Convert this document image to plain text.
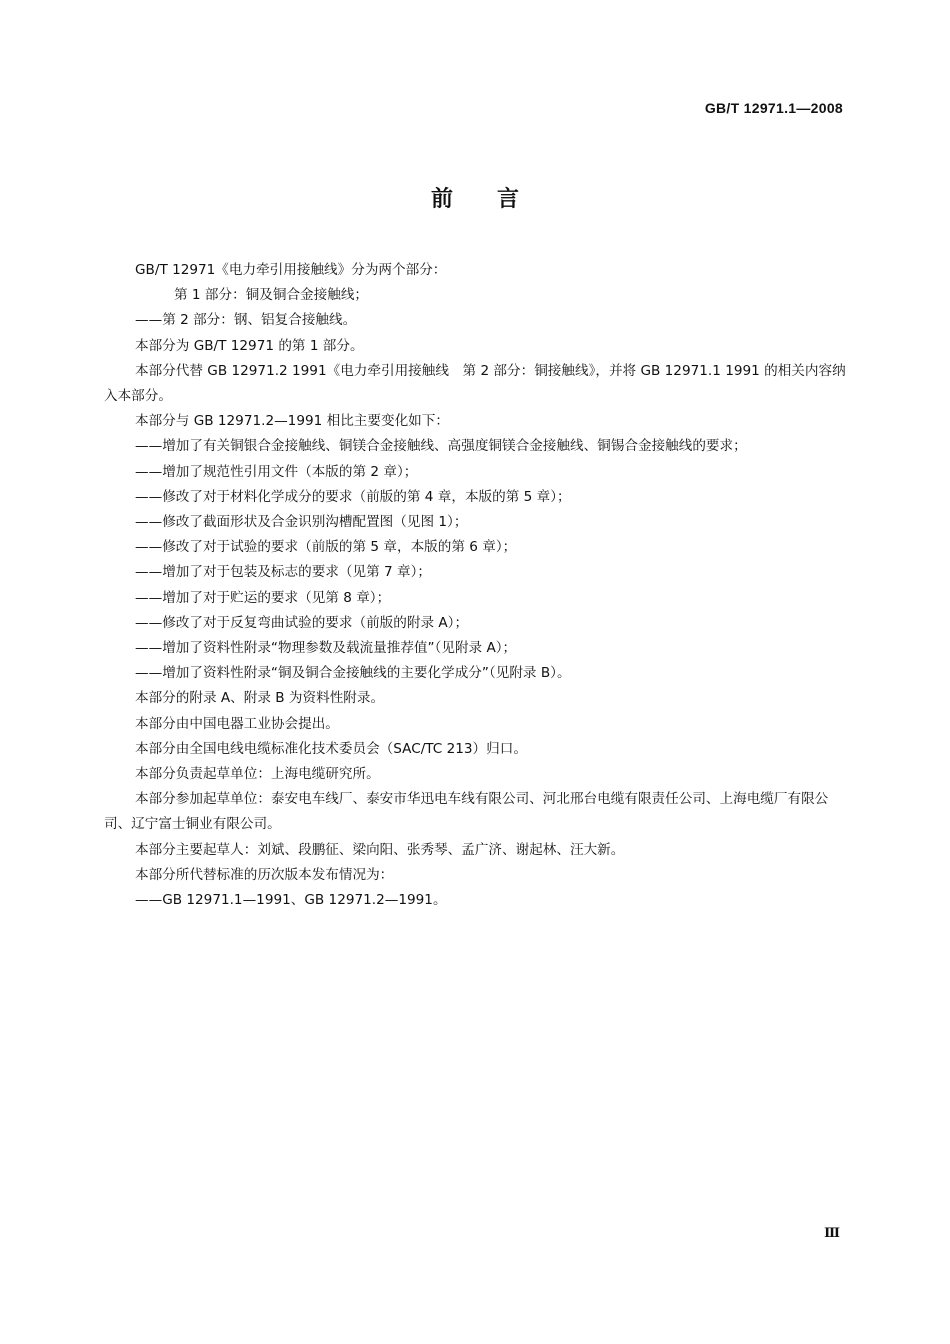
GB/T 12971.1—2008
前言

GB/T 12971《电力牵引用接触线》分为两个部分：

第 1 部分：铜及铜合金接触线；

——第 2 部分：钢、铝复合接触线。

本部分为 GB/T 12971 的第 1 部分。

本部分代替 GB 12971.2 1991《电力牵引用接触线　第 2 部分：铜接触线》，并将 GB 12971.1 1991 的相关内容纳入本部分。

本部分与 GB 12971.2—1991 相比主要变化如下：

——增加了有关铜银合金接触线、铜镁合金接触线、高强度铜镁合金接触线、铜锡合金接触线的要求；

——增加了规范性引用文件（本版的第 2 章）；

——修改了对于材料化学成分的要求（前版的第 4 章，本版的第 5 章）；

——修改了截面形状及合金识别沟槽配置图（见图 1）；

——修改了对于试验的要求（前版的第 5 章，本版的第 6 章）；

——增加了对于包装及标志的要求（见第 7 章）；

——增加了对于贮运的要求（见第 8 章）；

——修改了对于反复弯曲试验的要求（前版的附录 A）；

——增加了资料性附录“物理参数及载流量推荐值”（见附录 A）；

——增加了资料性附录“铜及铜合金接触线的主要化学成分”（见附录 B）。

本部分的附录 A、附录 B 为资料性附录。

本部分由中国电器工业协会提出。

本部分由全国电线电缆标准化技术委员会（SAC/TC 213）归口。

本部分负责起草单位：上海电缆研究所。

本部分参加起草单位：泰安电车线厂、泰安市华迅电车线有限公司、河北邢台电缆有限责任公司、上海电缆厂有限公司、辽宁富士铜业有限公司。

本部分主要起草人：刘斌、段鹏征、梁向阳、张秀琴、孟广济、谢起林、汪大新。

本部分所代替标准的历次版本发布情况为：

——GB 12971.1—1991、GB 12971.2—1991。

Ⅲ
